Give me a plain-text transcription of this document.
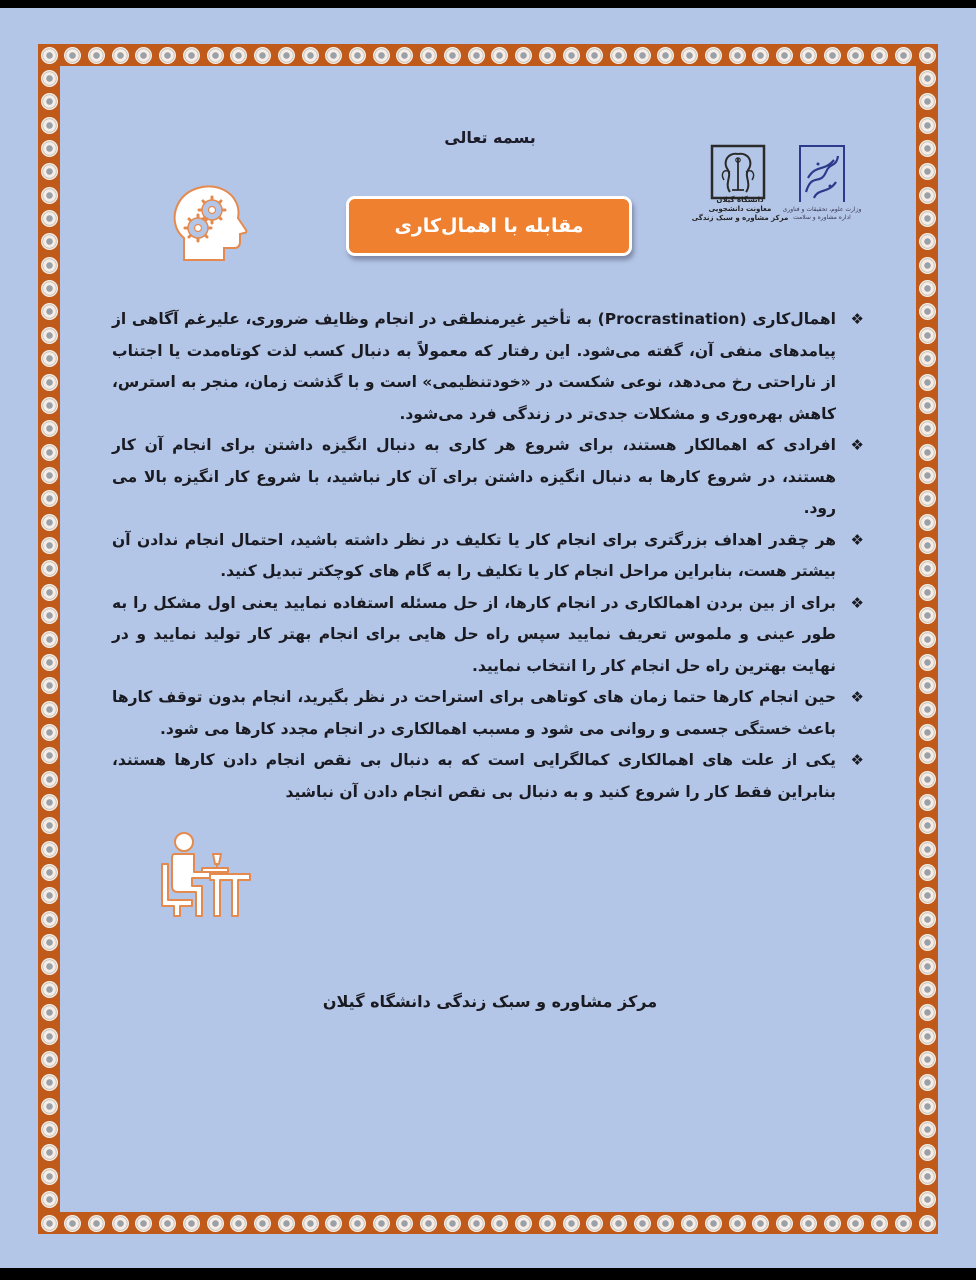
بسمه تعالی
مقابله با اهمال‌کاری
دانشگاه گیلان
معاونت دانشجویی
مرکز مشاوره و سبک زندگی
وزارت علوم، تحقیقات و فناوری
اداره مشاوره و سلامت
❖
اهمال‌کاری (Procrastination) به تأخیر غیرمنطقی در انجام وظایف ضروری، علیرغم آگاهی از پیامدهای منفی آن، گفته می‌شود. این رفتار که معمولاً به دنبال کسب لذت کوتاه‌مدت یا اجتناب از ناراحتی رخ می‌دهد، نوعی شکست در «خودتنظیمی» است و با گذشت زمان، منجر به استرس، کاهش بهره‌وری و مشکلات جدی‌تر در زندگی فرد می‌شود.
❖
افرادی که اهمالکار هستند، برای شروع هر کاری به دنبال انگیزه داشتن برای انجام آن کار هستند، در شروع کارها به دنبال انگیزه داشتن برای آن کار نباشید، با شروع کار انگیزه بالا می رود.
❖
هر چقدر اهداف بزرگتری برای انجام کار یا تکلیف در نظر داشته باشید، احتمال انجام ندادن آن بیشتر هست، بنابراین مراحل انجام کار یا تکلیف را به گام های کوچکتر تبدیل کنید.
❖
برای از بین بردن اهمالکاری در انجام کارها، از حل مسئله استفاده نمایید یعنی اول مشکل را به طور عینی و ملموس تعریف نمایید سپس راه حل هایی برای انجام بهتر کار تولید نمایید و در نهایت بهترین راه حل انجام کار را انتخاب نمایید.
❖
حین انجام کارها حتما زمان های کوتاهی برای استراحت در نظر بگیرید، انجام بدون توقف کارها باعث خستگی جسمی و روانی می شود و مسبب اهمالکاری در انجام مجدد کارها می شود.
❖
یکی از علت های اهمالکاری کمالگرایی است که به دنبال بی نقص انجام دادن کارها هستند، بنابراین فقط کار را شروع کنید و به دنبال بی نقص انجام دادن آن نباشید
مرکز مشاوره و سبک زندگی دانشگاه گیلان
